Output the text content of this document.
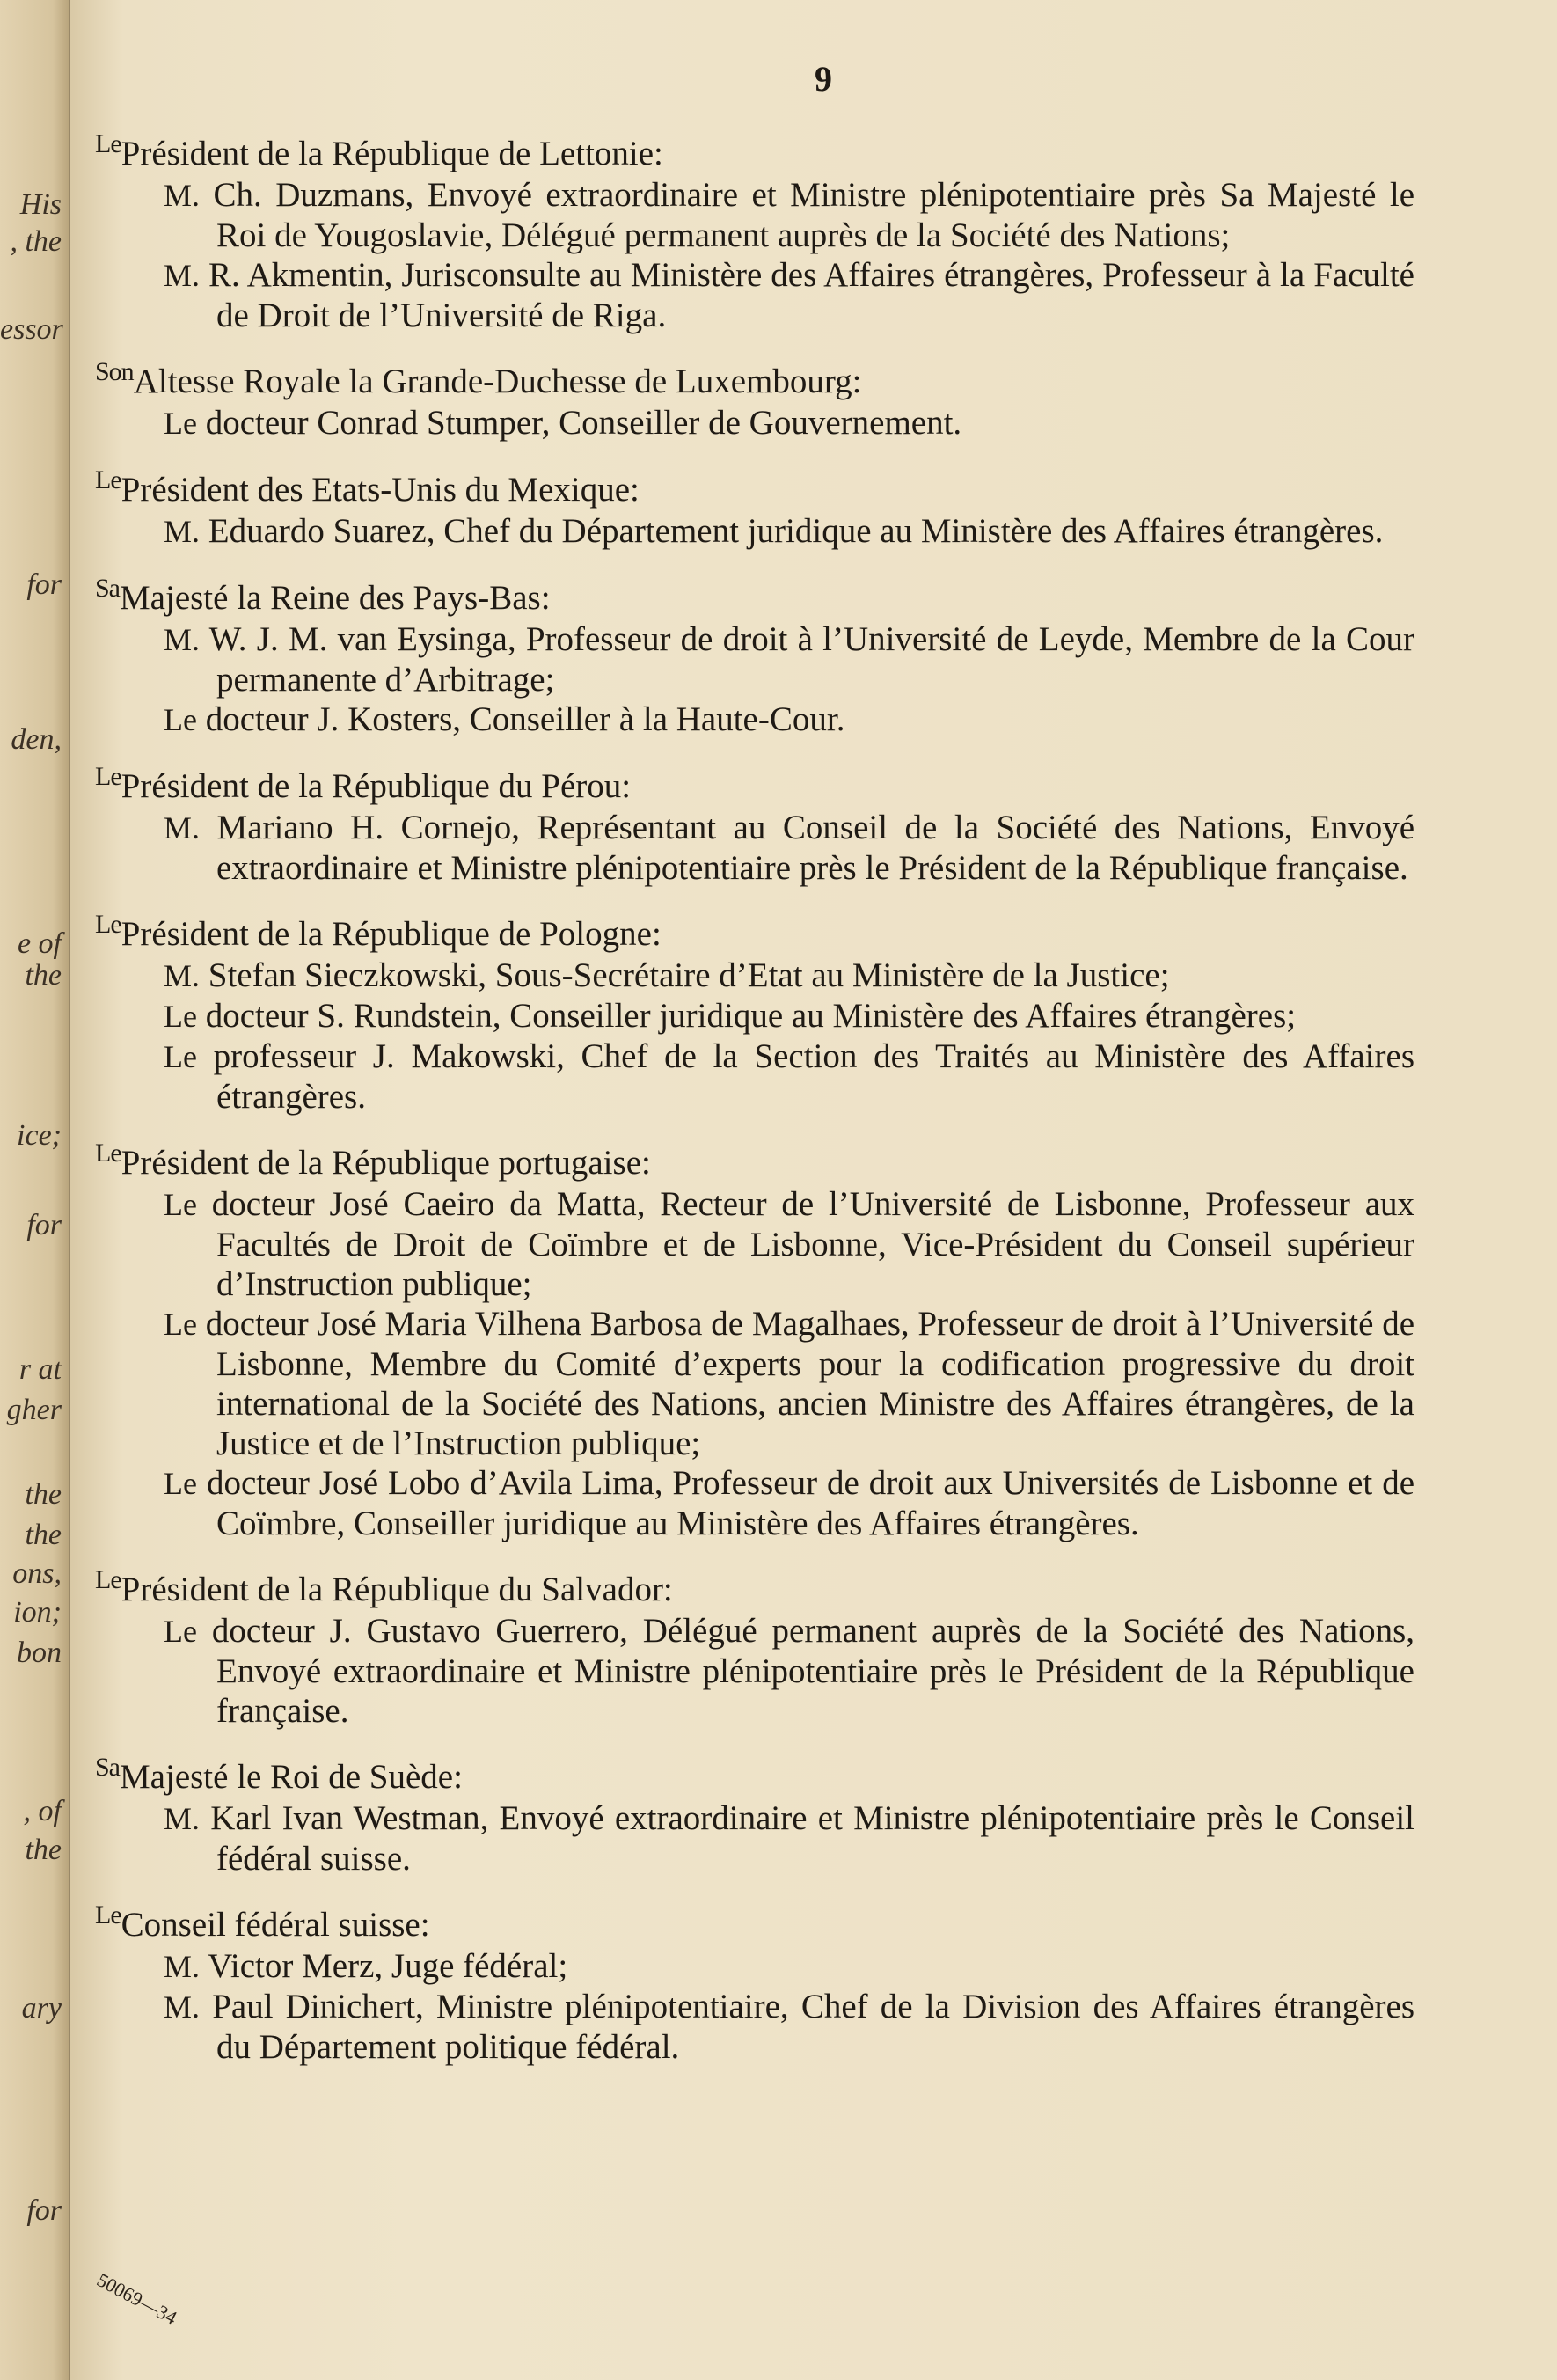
His
, the
essor
for
den,
e of
the
ice;
for
r at
gher
the
the
ons,
ion;
bon
, of
the
ary
for
9
LePrésident de la République de Lettonie:
M. Ch. Duzmans, Envoyé extraordinaire et Ministre plénipotentiaire près Sa Majesté le Roi de Yougoslavie, Délégué permanent auprès de la Société des Nations;
M. R. Akmentin, Jurisconsulte au Ministère des Affaires étrangères, Professeur à la Faculté de Droit de l’Université de Riga.
SonAltesse Royale la Grande-Duchesse de Luxembourg:
Le docteur Conrad Stumper, Conseiller de Gouvernement.
LePrésident des Etats-Unis du Mexique:
M. Eduardo Suarez, Chef du Département juridique au Ministère des Affaires étrangères.
SaMajesté la Reine des Pays-Bas:
M. W. J. M. van Eysinga, Professeur de droit à l’Université de Leyde, Membre de la Cour permanente d’Arbitrage;
Le docteur J. Kosters, Conseiller à la Haute-Cour.
LePrésident de la République du Pérou:
M. Mariano H. Cornejo, Représentant au Conseil de la Société des Nations, Envoyé extraordinaire et Ministre plénipotentiaire près le Président de la République française.
LePrésident de la République de Pologne:
M. Stefan Sieczkowski, Sous-Secrétaire d’Etat au Ministère de la Justice;
Le docteur S. Rundstein, Conseiller juridique au Ministère des Affaires étrangères;
Le professeur J. Makowski, Chef de la Section des Traités au Ministère des Affaires étrangères.
LePrésident de la République portugaise:
Le docteur José Caeiro da Matta, Recteur de l’Université de Lisbonne, Professeur aux Facultés de Droit de Coïmbre et de Lisbonne, Vice-Président du Conseil supérieur d’Instruction publique;
Le docteur José Maria Vilhena Barbosa de Magalhaes, Professeur de droit à l’Université de Lisbonne, Membre du Comité d’experts pour la codification progressive du droit international de la Société des Nations, ancien Ministre des Affaires étrangères, de la Justice et de l’Instruction publique;
Le docteur José Lobo d’Avila Lima, Professeur de droit aux Universités de Lisbonne et de Coïmbre, Conseiller juridique au Ministère des Affaires étrangères.
LePrésident de la République du Salvador:
Le docteur J. Gustavo Guerrero, Délégué permanent auprès de la Société des Nations, Envoyé extraordinaire et Ministre plénipotentiaire près le Président de la République française.
SaMajesté le Roi de Suède:
M. Karl Ivan Westman, Envoyé extraordinaire et Ministre plénipotentiaire près le Conseil fédéral suisse.
LeConseil fédéral suisse:
M. Victor Merz, Juge fédéral;
M. Paul Dinichert, Ministre plénipotentiaire, Chef de la Division des Affaires étrangères du Département politique fédéral.
50069—34
